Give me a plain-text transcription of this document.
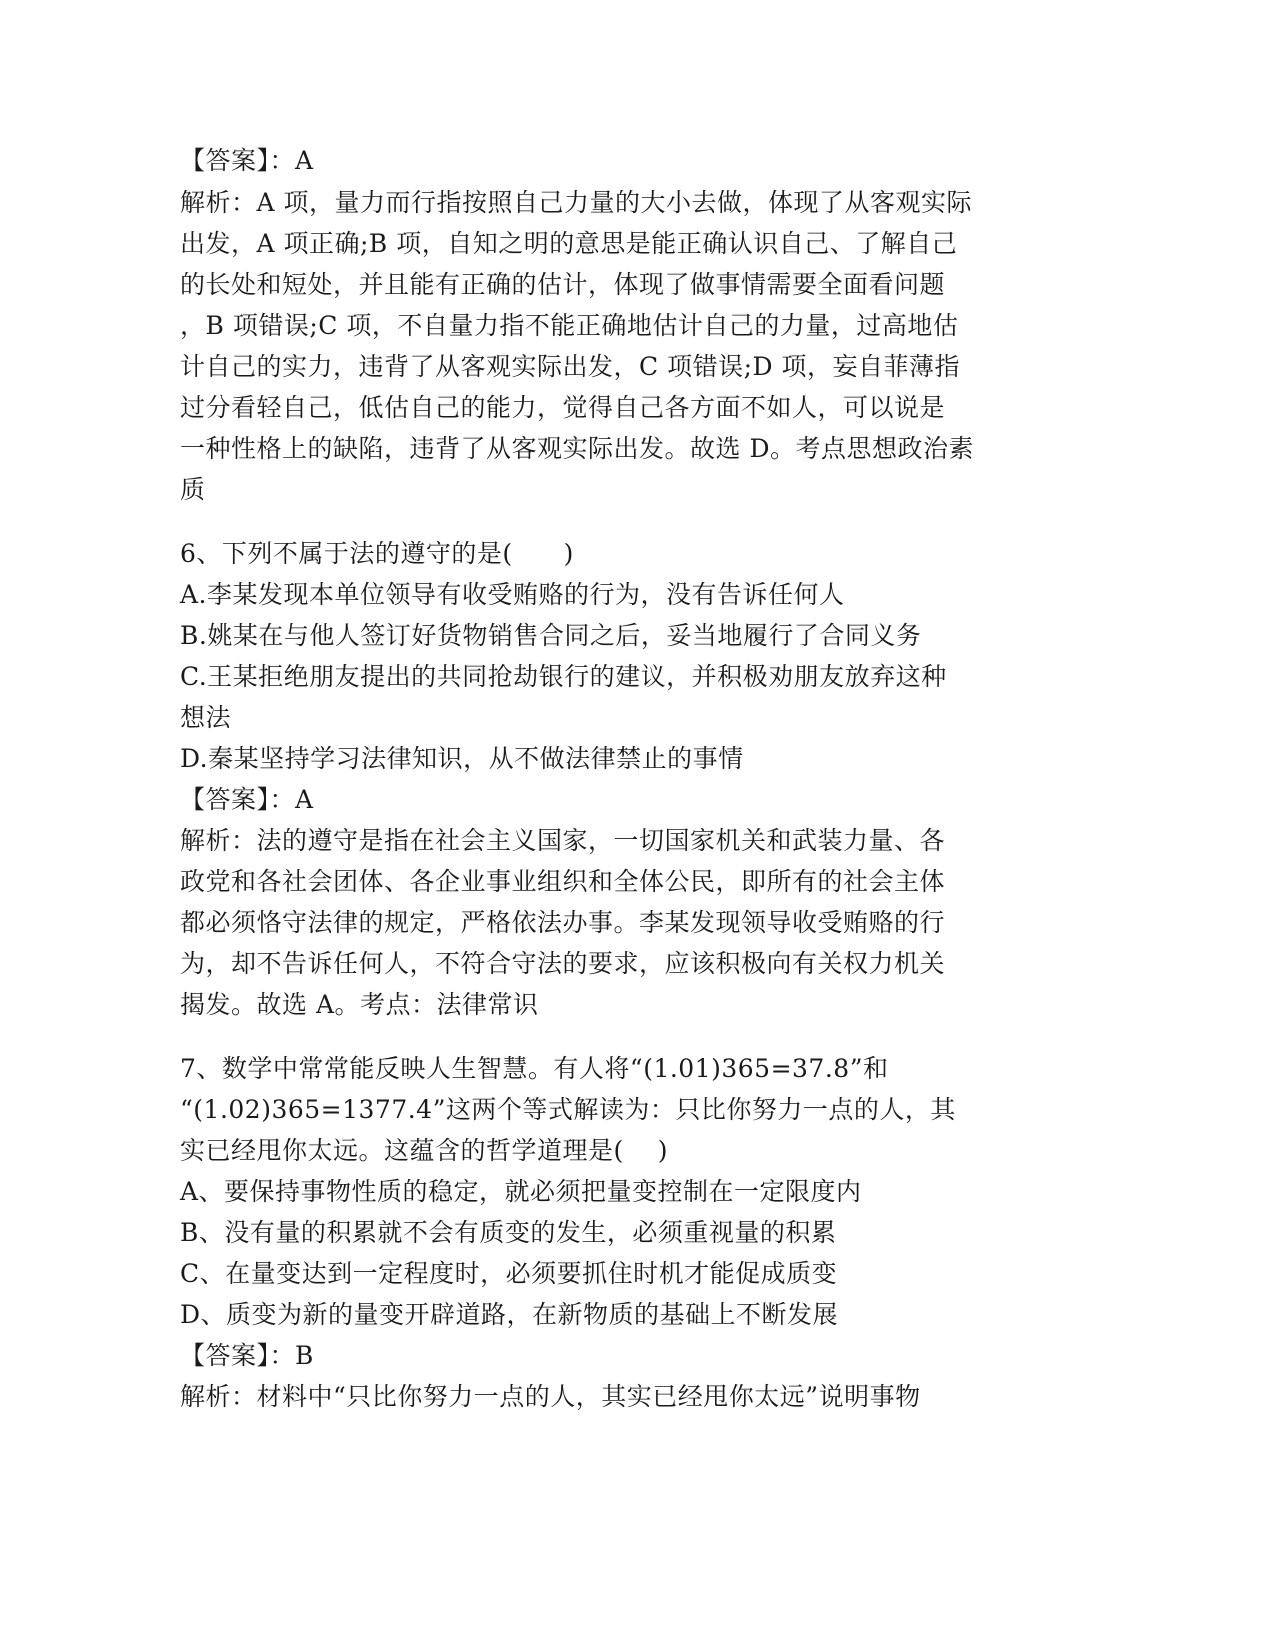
【答案】：A
解析：A 项，量力而行指按照自己力量的大小去做，体现了从客观实际
出发，A 项正确;B 项，自知之明的意思是能正确认识自己、了解自己
的长处和短处，并且能有正确的估计，体现了做事情需要全面看问题
，B 项错误;C 项，不自量力指不能正确地估计自己的力量，过高地估
计自己的实力，违背了从客观实际出发，C 项错误;D 项，妄自菲薄指
过分看轻自己，低估自己的能力，觉得自己各方面不如人，可以说是
一种性格上的缺陷，违背了从客观实际出发。故选 D。考点思想政治素
质
6、下列不属于法的遵守的是(　　)
A.李某发现本单位领导有收受贿赂的行为，没有告诉任何人
B.姚某在与他人签订好货物销售合同之后，妥当地履行了合同义务
C.王某拒绝朋友提出的共同抢劫银行的建议，并积极劝朋友放弃这种
想法
D.秦某坚持学习法律知识，从不做法律禁止的事情
【答案】：A
解析：法的遵守是指在社会主义国家，一切国家机关和武装力量、各
政党和各社会团体、各企业事业组织和全体公民，即所有的社会主体
都必须恪守法律的规定，严格依法办事。李某发现领导收受贿赂的行
为，却不告诉任何人，不符合守法的要求，应该积极向有关权力机关
揭发。故选 A。考点：法律常识
7、数学中常常能反映人生智慧。有人将“(1.01)365=37.8”和
“(1.02)365=1377.4”这两个等式解读为：只比你努力一点的人，其
实已经甩你太远。这蕴含的哲学道理是(　 )
A、要保持事物性质的稳定，就必须把量变控制在一定限度内
B、没有量的积累就不会有质变的发生，必须重视量的积累
C、在量变达到一定程度时，必须要抓住时机才能促成质变
D、质变为新的量变开辟道路，在新物质的基础上不断发展
【答案】：B
解析：材料中“只比你努力一点的人，其实已经甩你太远”说明事物
